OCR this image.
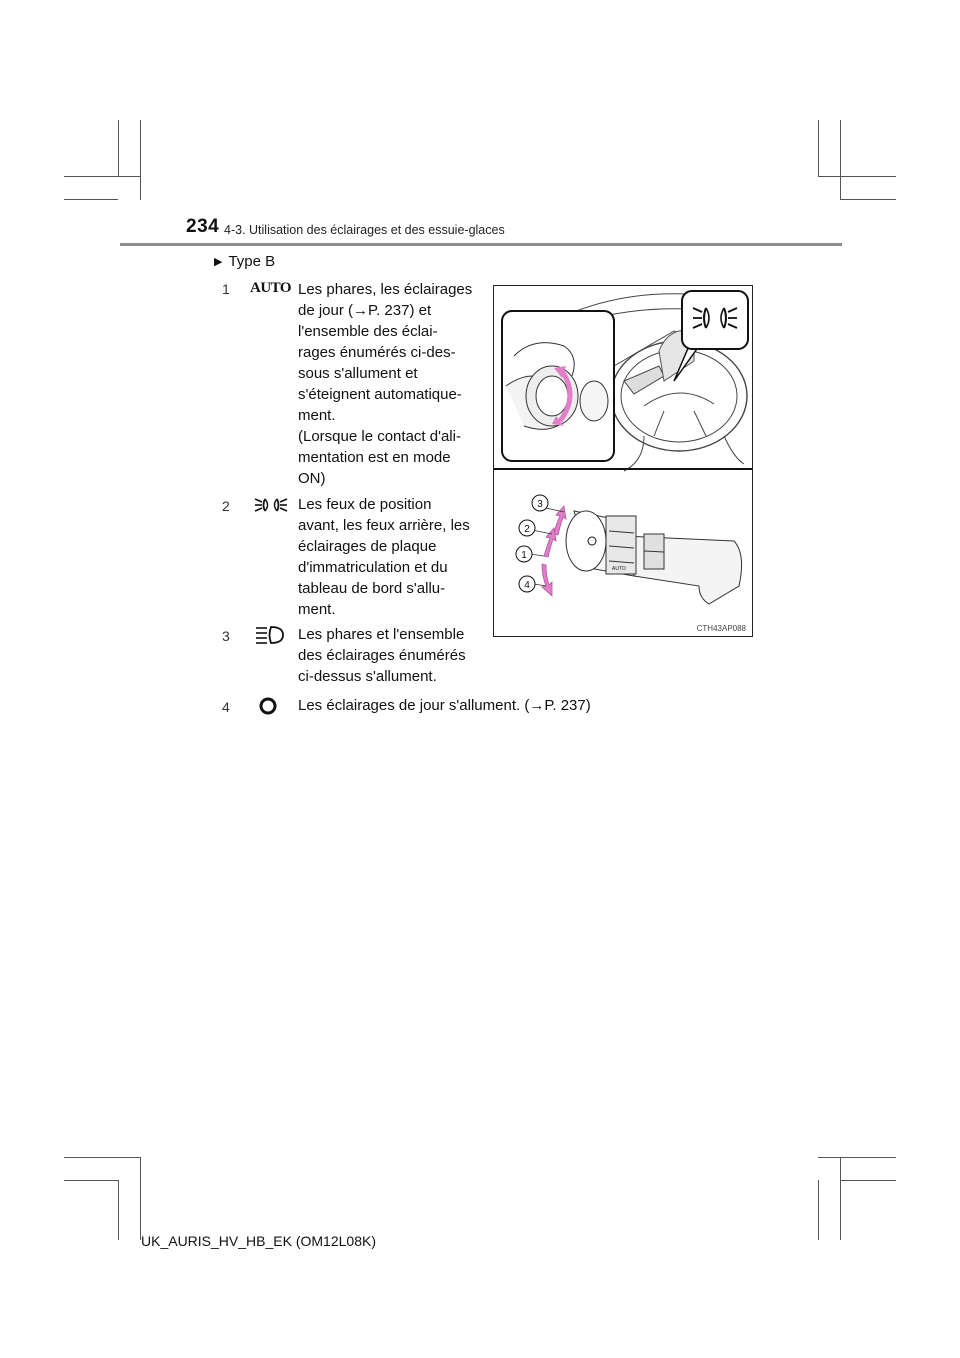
234 4-3. Utilisation des éclairages et des essuie-glaces
▶ Type B
1 AUTO Les phares, les éclairages
de jour (→P. 237) et
l'ensemble des éclai-
rages énumérés ci-des-
sous s'allument et
s'éteignent automatique-
ment.
(Lorsque le contact d'ali-
mentation est en mode
ON)
2	Les feux de position
avant, les feux arrière, les
éclairages de plaque
d'immatriculation et du
tableau de bord s'allu-
ment.
3	Les phares et l'ensemble
des éclairages énumérés
ci-dessus s'allument.
4	Les éclairages de jour s'allument. (→P. 237)
AUTO
3
2
1
4
CTH43AP088
UK_AURIS_HV_HB_EK (OM12L08K)
